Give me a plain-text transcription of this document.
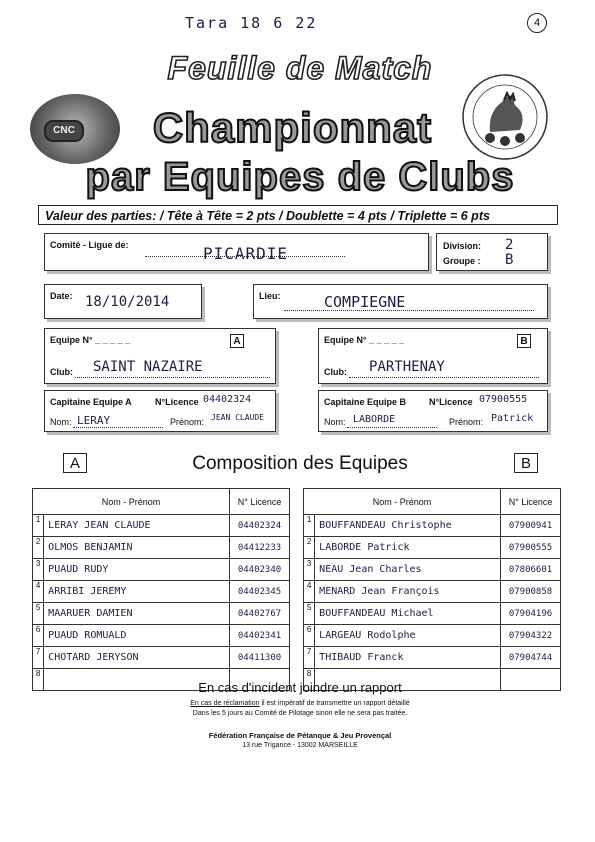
Tara 18 6 22	4
CNC
Feuille de Match
Championnat
par Equipes de Clubs
Valeur des parties: / Tête à Tête = 2 pts / Doublette = 4 pts / Triplette = 6 pts
Comité - Ligue de:	PICARDIE	Division: 2
Groupe : B
Date: 18/10/2014	Lieu:	COMPIEGNE
Equipe N° _ _ _ _ _	A
Club: SAINT NAZAIRE
Capitaine Equipe A	N°Licence 04402324
Nom: LERAY	Prénom: JEAN CLAUDE
Equipe N° _ _ _ _ _	B
Club: PARTHENAY
Capitaine Equipe B	N°Licence 07900555
Nom: LABORDE	Prénom: Patrick
A	Composition des Equipes	B
Nom - Prénom		N° Licence
1	LERAY JEAN CLAUDE	04402324
2	OLMOS BENJAMIN	04412233
3	PUAUD RUDY	04402340
4	ARRIBI JEREMY	04402345
5	MAARUER DAMIEN	04402767
6	PUAUD ROMUALD	04402341
7	CHOTARD JERYSON	04411300
8		
Nom - Prénom		N° Licence
1	BOUFFANDEAU Christophe	07900941
2	LABORDE Patrick	07900555
3	NEAU Jean Charles	07806601
4	MENARD Jean François	07900858
5	BOUFFANDEAU Michael	07904196
6	LARGEAU Rodolphe	07904322
7	THIBAUD Franck	07904744
8		
En cas d'incident joindre un rapport
En cas de réclamation il est impératif de transmettre un rapport détaillé
Dans les 5 jours au Comité de Pilotage sinon elle ne sera pas traitée.
Fédération Française de Pétanque & Jeu Provençal
13 rue Trigance - 13002 MARSEILLE
